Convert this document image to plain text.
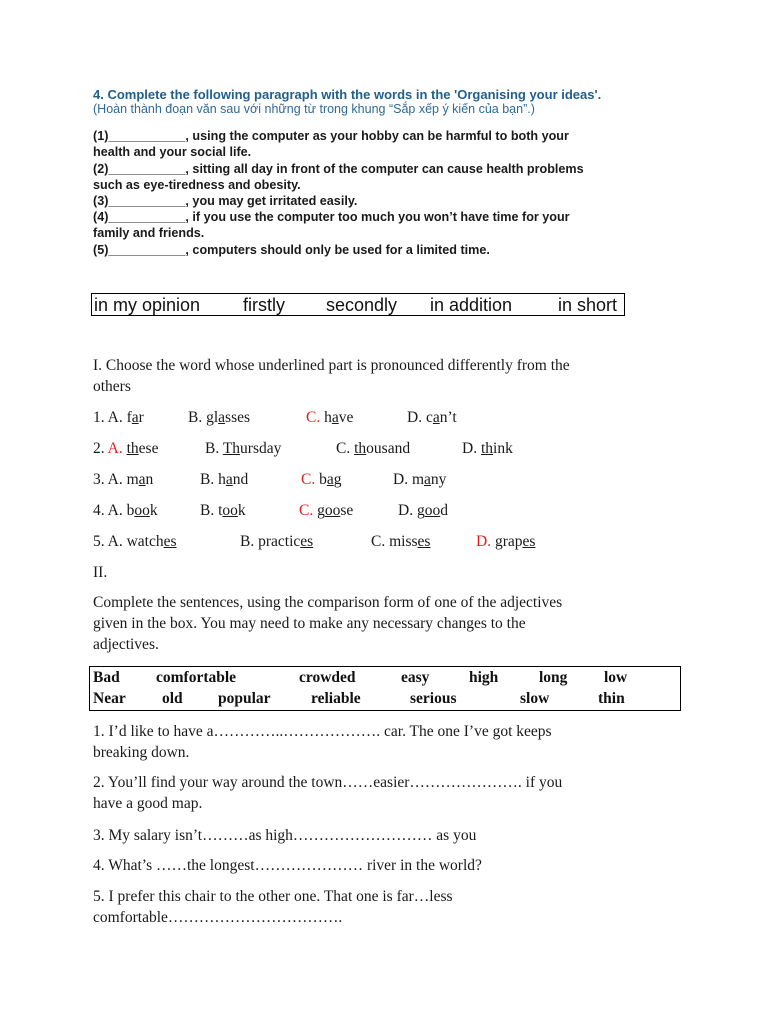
4. Complete the following paragraph with the words in the 'Organising your ideas'.
(Hoàn thành đoạn văn sau với những từ trong khung “Sắp xếp ý kiến của bạn”.)
(1)___________, using the computer as your hobby can be harmful to both your
health and your social life.
(2)___________, sitting all day in front of the computer can cause health problems
such as eye-tiredness and obesity.
(3)___________, you may get irritated easily.
(4)___________, if you use the computer too much you won’t have time for your
family and friends.
(5)___________, computers should only be used for a limited time.
in my opinion firstly secondly in addition	in short
I. Choose the word whose underlined part is pronounced differently from the
others
1. A. far	B. glasses	C. have	D. can’t
2. A. these	B. Thursday	C. thousand	D. think
3. A. man	B. hand	C. bag	D. many
4. A. book	B. took	C. goose	D. good
5. A. watches	B. practices	C. misses	D. grapes
II.
Complete the sentences, using the comparison form of one of the adjectives
given in the box. You may need to make any necessary changes to the
adjectives.
Bad comfortable	crowded	easy	high	long low
Near old popular	reliable	serious	slow	thin
1. I’d like to have a…………..………………. car. The one I’ve got keeps
breaking down.
2. You’ll find your way around the town……easier…………………. if you
have a good map.
3. My salary isn’t………as high……………………… as you
4. What’s ……the longest………………… river in the world?
5. I prefer this chair to the other one. That one is far…less
comfortable…………………………….
